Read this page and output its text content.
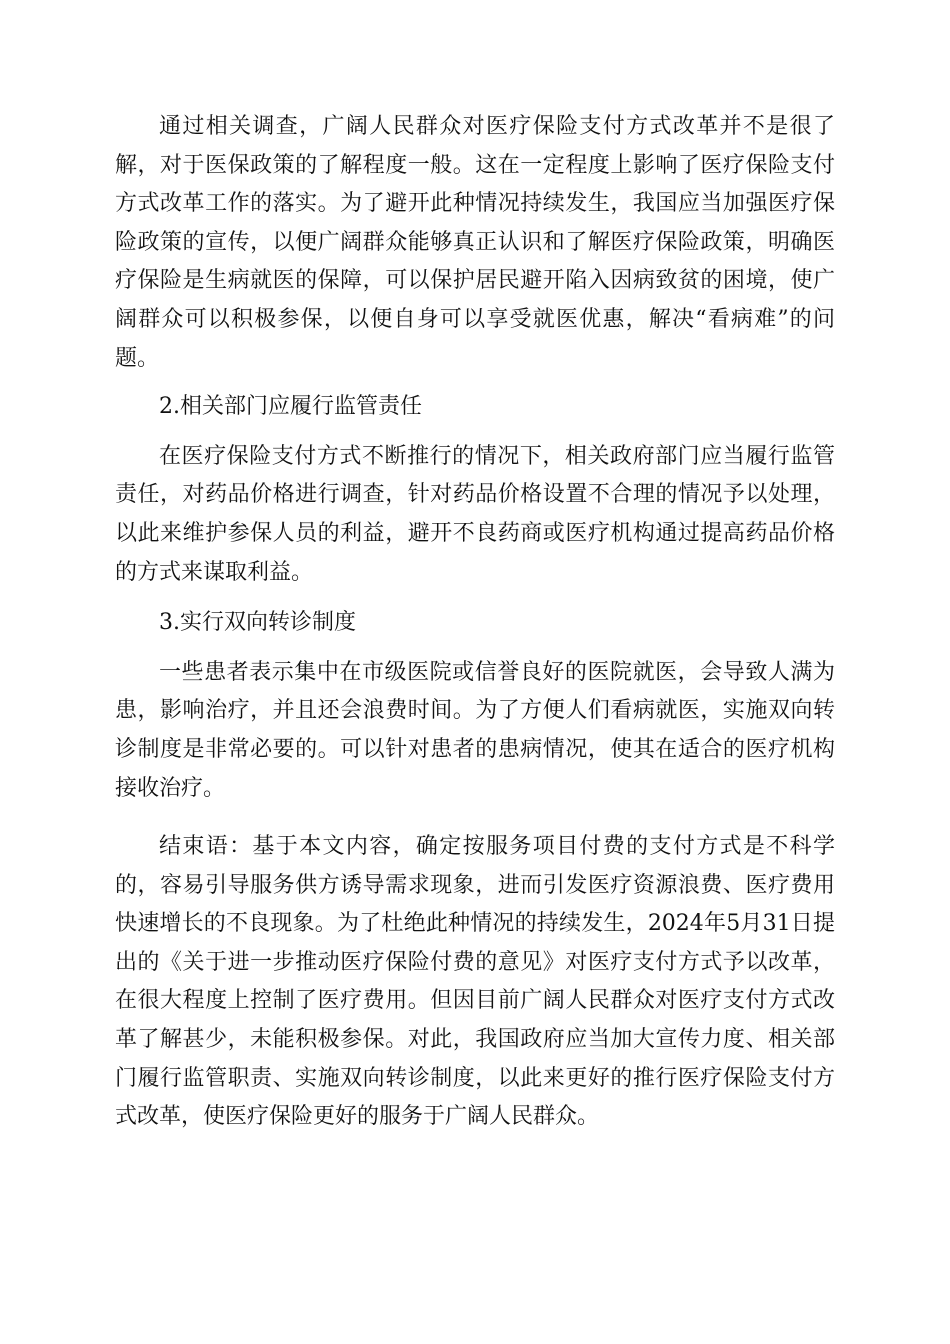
通过相关调查，广阔人民群众对医疗保险支付方式改革并不是很了解，对于医保政策的了解程度一般。这在一定程度上影响了医疗保险支付方式改革工作的落实。为了避开此种情况持续发生，我国应当加强医疗保险政策的宣传，以便广阔群众能够真正认识和了解医疗保险政策，明确医疗保险是生病就医的保障，可以保护居民避开陷入因病致贫的困境，使广阔群众可以积极参保，以便自身可以享受就医优惠，解决“看病难”的问题。

2.相关部门应履行监管责任

在医疗保险支付方式不断推行的情况下，相关政府部门应当履行监管责任，对药品价格进行调查，针对药品价格设置不合理的情况予以处理，以此来维护参保人员的利益，避开不良药商或医疗机构通过提高药品价格的方式来谋取利益。

3.实行双向转诊制度

一些患者表示集中在市级医院或信誉良好的医院就医，会导致人满为患，影响治疗，并且还会浪费时间。为了方便人们看病就医，实施双向转诊制度是非常必要的。可以针对患者的患病情况，使其在适合的医疗机构接收治疗。

结束语：基于本文内容，确定按服务项目付费的支付方式是不科学的，容易引导服务供方诱导需求现象，进而引发医疗资源浪费、医疗费用快速增长的不良现象。为了杜绝此种情况的持续发生，2024年5月31日提出的《关于进一步推动医疗保险付费的意见》对医疗支付方式予以改革，在很大程度上控制了医疗费用。但因目前广阔人民群众对医疗支付方式改革了解甚少，未能积极参保。对此，我国政府应当加大宣传力度、相关部门履行监管职责、实施双向转诊制度，以此来更好的推行医疗保险支付方式改革，使医疗保险更好的服务于广阔人民群众。
